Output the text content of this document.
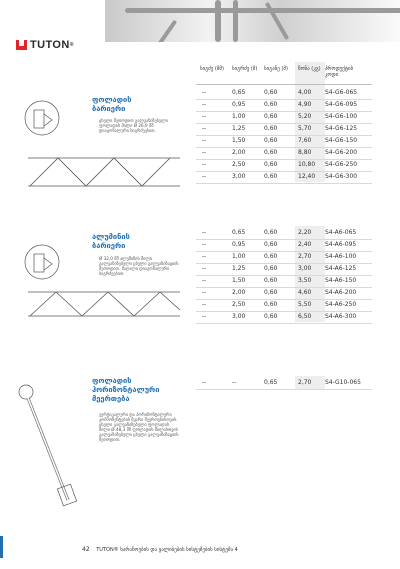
TUTON ®
სიგძე (მმ)	სიგრძე (მ)	სიგანე (მ)	წონა (კგ) პროდუქტის კოდი
ფოლადის ბარიერი
ცხელი მეთოდით გალვანიზებული ფოლადის მილი Ø 26,9 მმ. დიაგონალური სიგრძეებით.
--	0,65	0,60	4,00 S4-G6-065
--	0,95	0,60	4,90 S4-G6-095
--	1,00	0,60	5,20 S4-G6-100
--	1,25	0,60	5,70 S4-G6-125
--	1,50	0,60	7,60 S4-G6-150
--	2,00	0,60	8,80 S4-G6-200
--	2,50	0,60	10,80 S4-G6-250
--	3,00	0,60	12,40 S4-G6-300
ალუმინის ბარიერი
Ø 32,0 მმ ალუმინის მილი გალვანიზებული ცხელი გალვანიზაციის მეთოდით. მაღალი დიაგონალური სიგრძეებით.
--	0,65	0,60	2,20 S4-A6-065
--	0,95	0,60	2,40 S4-A6-095
--	1,00	0,60	2,70 S4-A6-100
--	1,25	0,60	3,00 S4-A6-125
--	1,50	0,60	3,50 S4-A6-150
--	2,00	0,60	4,60 S4-A6-200
--	2,50	0,60	5,50 S4-A6-250
--	3,00	0,60	6,50 S4-A6-300
ფოლადის ჰორიზონტალური მეერთება
ვერტიკალური და ჰორიზონტალური კომპონენტების მყარი შეერთებისთვის. ცხელი გალვანიზებული ფოლადის მილი Ø 48,3 მმ ფოლადის მილისთვის გალვანიზებული ცხელი გალვანიზაციის მეთოდით.
--	--	0,65	2,70 S4-G10-065
42 TUTON® ხარაჩოების და ყალიბების სისტემების სისტემა 4
